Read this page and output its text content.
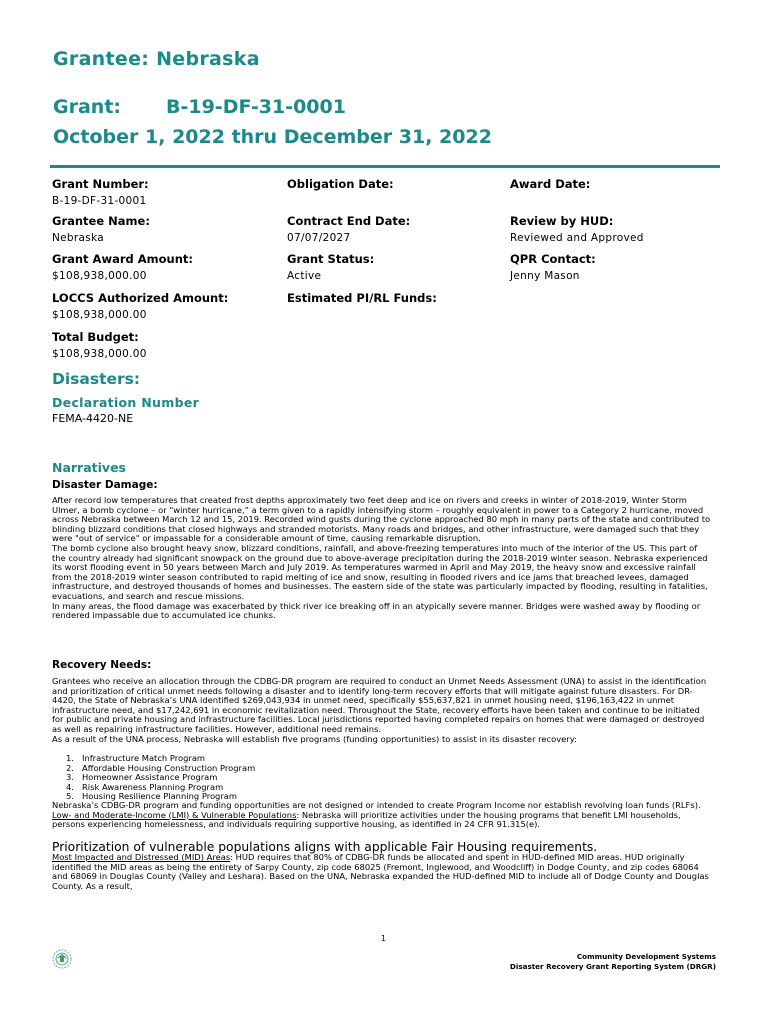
Grantee: Nebraska
Grant: B-19-DF-31-0001
October 1, 2022 thru December 31, 2022
Grant Number:
B-19-DF-31-0001
Obligation Date:	Award Date:
Grantee Name:
Nebraska
Contract End Date:
07/07/2027
Review by HUD:
Reviewed and Approved
Grant Award Amount:
$108,938,000.00
Grant Status:
Active
QPR Contact:
Jenny Mason
LOCCS Authorized Amount:
$108,938,000.00
Estimated PI/RL Funds:
Total Budget:
$108,938,000.00
Disasters:
Declaration Number
FEMA-4420-NE
Narratives
Disaster Damage:

After record low temperatures that created frost depths approximately two feet deep and ice on rivers and creeks in winter of 2018-2019, Winter Storm Ulmer, a bomb cyclone – or “winter hurricane,” a term given to a rapidly intensifying storm – roughly equivalent in power to a Category 2 hurricane, moved across Nebraska between March 12 and 15, 2019. Recorded wind gusts during the cyclone approached 80 mph in many parts of the state and contributed to blinding blizzard conditions that closed highways and stranded motorists. Many roads and bridges, and other infrastructure, were damaged such that they were "out of service" or impassable for a considerable amount of time, causing remarkable disruption.

The bomb cyclone also brought heavy snow, blizzard conditions, rainfall, and above-freezing temperatures into much of the interior of the US. This part of the country already had significant snowpack on the ground due to above-average precipitation during the 2018-2019 winter season. Nebraska experienced its worst flooding event in 50 years between March and July 2019. As temperatures warmed in April and May 2019, the heavy snow and excessive rainfall from the 2018-2019 winter season contributed to rapid melting of ice and snow, resulting in flooded rivers and ice jams that breached levees, damaged infrastructure, and destroyed thousands of homes and businesses. The eastern side of the state was particularly impacted by flooding, resulting in fatalities, evacuations, and search and rescue missions.

In many areas, the flood damage was exacerbated by thick river ice breaking off in an atypically severe manner. Bridges were washed away by flooding or rendered impassable due to accumulated ice chunks.

Recovery Needs:

Grantees who receive an allocation through the CDBG-DR program are required to conduct an Unmet Needs Assessment (UNA) to assist in the identification and prioritization of critical unmet needs following a disaster and to identify long-term recovery efforts that will mitigate against future disasters. For DR-4420, the State of Nebraska’s UNA identified $269,043,934 in unmet need, specifically $55,637,821 in unmet housing need, $196,163,422 in unmet infrastructure need, and $17,242,691 in economic revitalization need. Throughout the State, recovery efforts have been taken and continue to be initiated for public and private housing and infrastructure facilities. Local jurisdictions reported having completed repairs on homes that were damaged or destroyed as well as repairing infrastructure facilities. However, additional need remains.

As a result of the UNA process, Nebraska will establish five programs (funding opportunities) to assist in its disaster recovery:

1. Infrastructure Match Program
2. Affordable Housing Construction Program
3. Homeowner Assistance Program
4. Risk Awareness Planning Program
5. Housing Resilience Planning Program

Nebraska’s CDBG-DR program and funding opportunities are not designed or intended to create Program Income nor establish revolving loan funds (RLFs).

Low- and Moderate-Income (LMI) & Vulnerable Populations: Nebraska will prioritize activities under the housing programs that benefit LMI households, persons experiencing homelessness, and individuals requiring supportive housing, as identified in 24 CFR 91.315(e).

Prioritization of vulnerable populations aligns with applicable Fair Housing requirements.

Most Impacted and Distressed (MID) Areas: HUD requires that 80% of CDBG-DR funds be allocated and spent in HUD-defined MID areas. HUD originally identified the MID areas as being the entirety of Sarpy County, zip code 68025 (Fremont, Inglewood, and Woodcliff) in Dodge County, and zip codes 68064 and 68069 in Douglas County (Valley and Leshara). Based on the UNA, Nebraska expanded the HUD-defined MID to include all of Dodge County and Douglas County. As a result,

1
Community Development Systems
Disaster Recovery Grant Reporting System (DRGR)
